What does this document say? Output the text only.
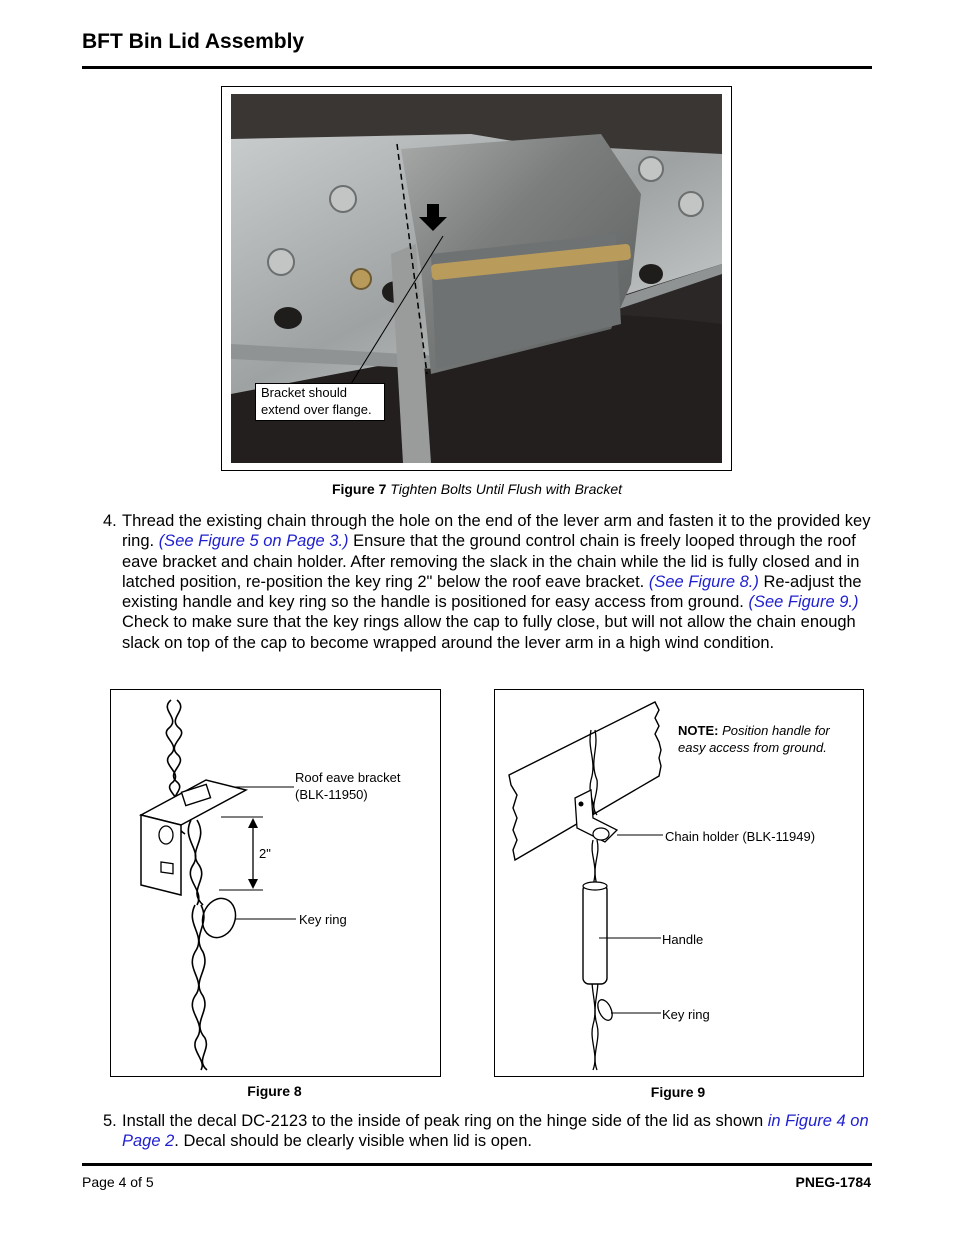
BFT Bin Lid Assembly
Bracket should extend over flange.
Figure 7 Tighten Bolts Until Flush with Bracket
4. Thread the existing chain through the hole on the end of the lever arm and fasten it to the provided key ring. (See Figure 5 on Page 3.) Ensure that the ground control chain is freely looped through the roof eave bracket and chain holder. After removing the slack in the chain while the lid is fully closed and in latched position, re-position the key ring 2" below the roof eave bracket. (See Figure 8.) Re-adjust the existing handle and key ring so the handle is positioned for easy access from ground. (See Figure 9.) Check to make sure that the key rings allow the cap to fully close, but will not allow the chain enough slack on top of the cap to become wrapped around the lever arm in a high wind condition.
Roof eave bracket
(BLK-11950)
2"
Key ring
Figure 8
NOTE: Position handle for easy access from ground.
Chain holder (BLK-11949)
Handle
Key ring
Figure 9
5. Install the decal DC-2123 to the inside of peak ring on the hinge side of the lid as shown in Figure 4 on Page 2. Decal should be clearly visible when lid is open.
Page 4 of 5	PNEG-1784
